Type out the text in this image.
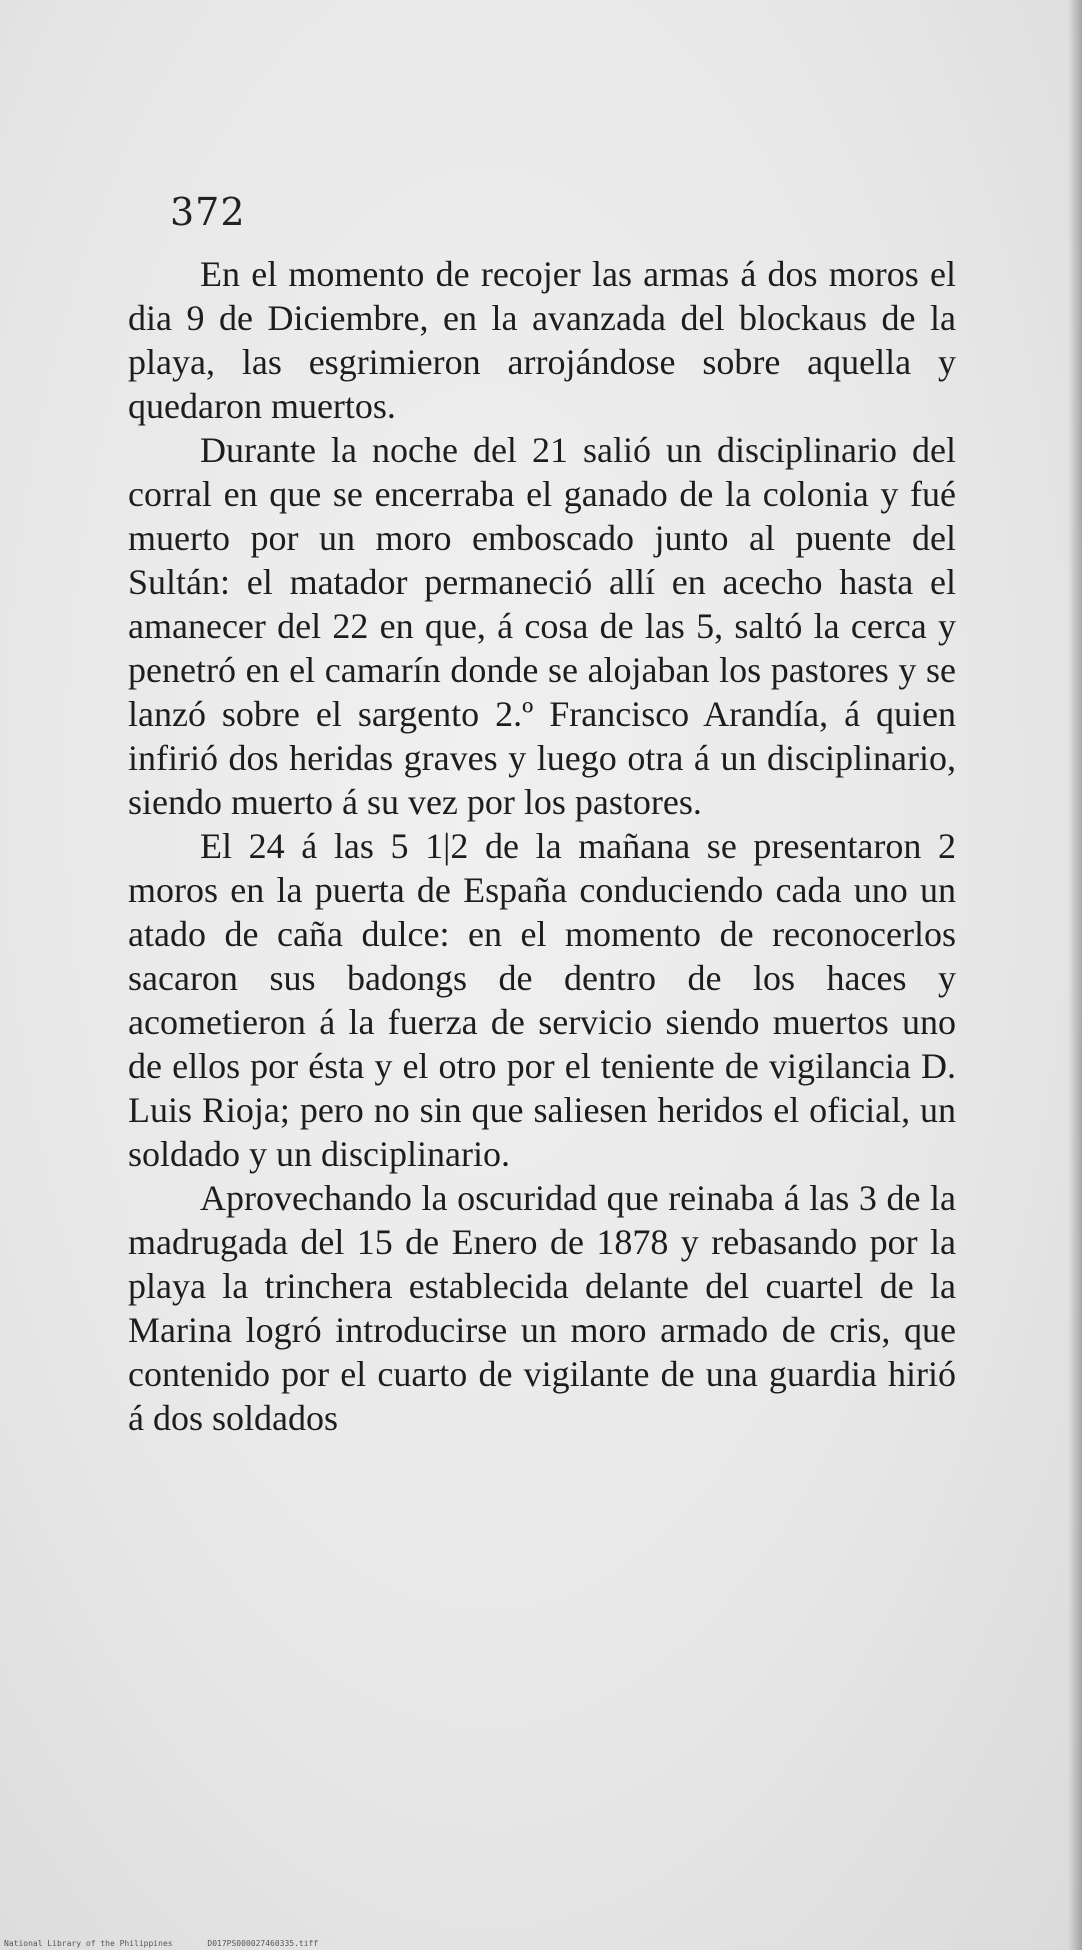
372

En el momento de recojer las armas á dos moros el dia 9 de Diciembre, en la avanzada del blockaus de la playa, las esgrimieron arrojándose sobre aquella y quedaron muertos.

Durante la noche del 21 salió un disciplinario del corral en que se encerraba el ganado de la colonia y fué muerto por un moro emboscado junto al puente del Sultán: el matador permaneció allí en acecho hasta el amanecer del 22 en que, á cosa de las 5, saltó la cerca y penetró en el camarín donde se alojaban los pastores y se lanzó sobre el sargento 2.º Francisco Arandía, á quien infirió dos heridas graves y luego otra á un disciplinario, siendo muerto á su vez por los pastores.

El 24 á las 5 1|2 de la mañana se presentaron 2 moros en la puerta de España conduciendo cada uno un atado de caña dulce: en el momento de reconocerlos sacaron sus badongs de dentro de los haces y acometieron á la fuerza de servicio siendo muertos uno de ellos por ésta y el otro por el teniente de vigilancia D. Luis Rioja; pero no sin que saliesen heridos el oficial, un soldado y un disciplinario.

Aprovechando la oscuridad que reinaba á las 3 de la madrugada del 15 de Enero de 1878 y rebasando por la playa la trinchera establecida delante del cuartel de la Marina logró introducirse un moro armado de cris, que contenido por el cuarto de vigilante de una guardia hirió á dos soldados

National Library of the Philippines	D017PS000027460335.tiff
